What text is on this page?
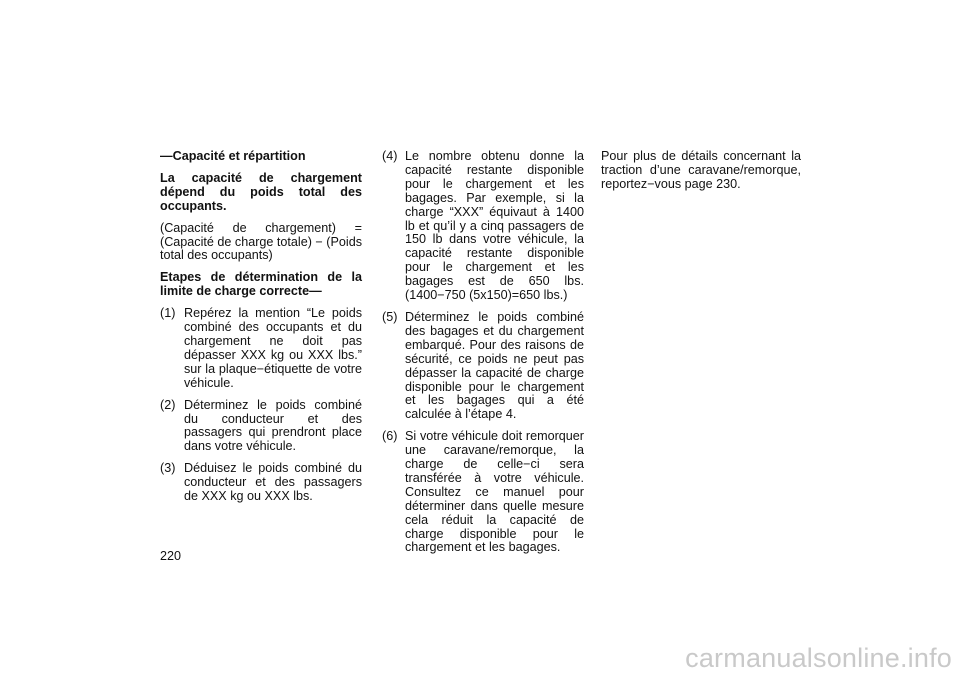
—Capacité et répartition

La capacité de chargement dépend du poids total des occupants.

(Capacité de chargement) = (Capacité de charge totale) − (Poids total des occupants)

Etapes de détermination de la limite de charge correcte—

(1) Repérez la mention “Le poids combiné des occupants et du chargement ne doit pas dépasser XXX kg ou XXX lbs.” sur la plaque−étiquette de votre véhicule.
(2) Déterminez le poids combiné du conducteur et des passagers qui prendront place dans votre véhicule.
(3) Déduisez le poids combiné du conducteur et des passagers de XXX kg ou XXX lbs.
(4) Le nombre obtenu donne la capacité restante disponible pour le chargement et les bagages. Par exemple, si la charge “XXX” équivaut à 1400 lb et qu’il y a cinq passagers de 150 lb dans votre véhicule, la capacité restante disponible pour le chargement et les bagages est de 650 lbs. (1400−750 (5x150)=650 lbs.)
(5) Déterminez le poids combiné des bagages et du chargement embarqué. Pour des raisons de sécurité, ce poids ne peut pas dépasser la capacité de charge disponible pour le chargement et les bagages qui a été calculée à l’étape 4.
(6) Si votre véhicule doit remorquer une caravane/remorque, la charge de celle−ci sera transférée à votre véhicule. Consultez ce manuel pour déterminer dans quelle mesure cela réduit la capacité de charge disponible pour le chargement et les bagages.

Pour plus de détails concernant la traction d’une caravane/remorque, reportez−vous page 230.

220
carmanualsonline.info
